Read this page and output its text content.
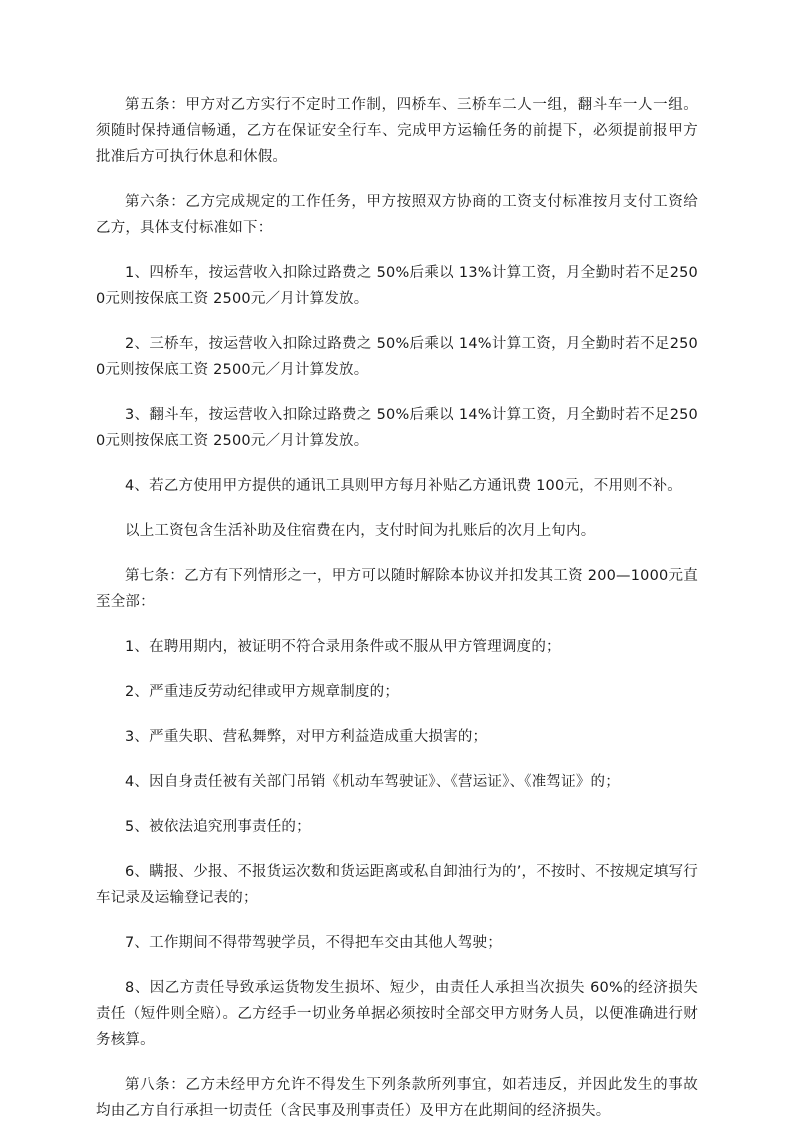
第五条：甲方对乙方实行不定时工作制，四桥车、三桥车二人一组，翻斗车一人一组。须随时保持通信畅通，乙方在保证安全行车、完成甲方运输任务的前提下，必须提前报甲方批准后方可执行休息和休假。

第六条：乙方完成规定的工作任务，甲方按照双方协商的工资支付标准按月支付工资给乙方，具体支付标准如下：

1、四桥车，按运营收入扣除过路费之 50%后乘以 13%计算工资，月全勤时若不足2500元则按保底工资 2500元／月计算发放。

2、三桥车，按运营收入扣除过路费之 50%后乘以 14%计算工资，月全勤时若不足2500元则按保底工资 2500元／月计算发放。

3、翻斗车，按运营收入扣除过路费之 50%后乘以 14%计算工资，月全勤时若不足2500元则按保底工资 2500元／月计算发放。

4、若乙方使用甲方提供的通讯工具则甲方每月补贴乙方通讯费 100元，不用则不补。

以上工资包含生活补助及住宿费在内，支付时间为扎账后的次月上旬内。

第七条：乙方有下列情形之一，甲方可以随时解除本协议并扣发其工资 200—1000元直至全部：

1、在聘用期内，被证明不符合录用条件或不服从甲方管理调度的；

2、严重违反劳动纪律或甲方规章制度的；

3、严重失职、营私舞弊，对甲方利益造成重大损害的；

4、因自身责任被有关部门吊销《机动车驾驶证》、《营运证》、《准驾证》的；

5、被依法追究刑事责任的；

6、瞒报、少报、不报货运次数和货运距离或私自卸油行为的’，不按时、不按规定填写行车记录及运输登记表的；

7、工作期间不得带驾驶学员，不得把车交由其他人驾驶；

8、因乙方责任导致承运货物发生损坏、短少，由责任人承担当次损失 60%的经济损失责任（短件则全赔）。乙方经手一切业务单据必须按时全部交甲方财务人员，以便准确进行财务核算。

第八条：乙方未经甲方允许不得发生下列条款所列事宜，如若违反，并因此发生的事故均由乙方自行承担一切责任（含民事及刑事责任）及甲方在此期间的经济损失。
